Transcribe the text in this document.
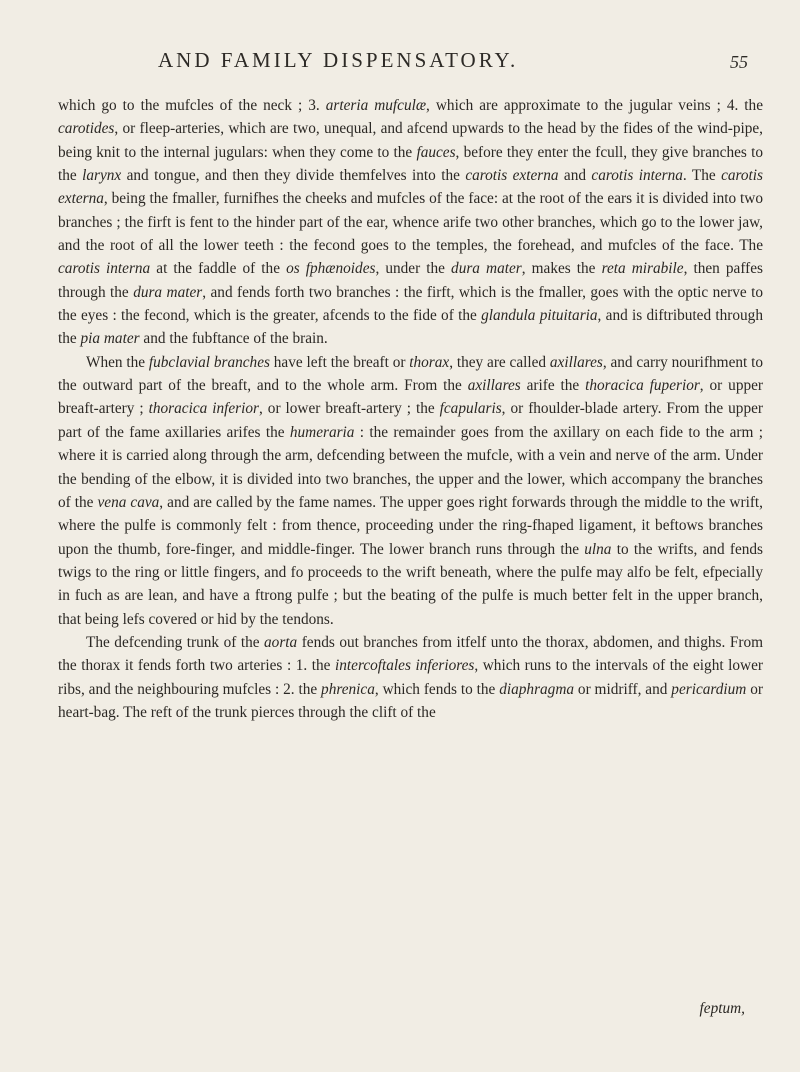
AND FAMILY DISPENSATORY.	55

which go to the mufcles of the neck ; 3. arteria mufculæ, which are approximate to the jugular veins ; 4. the carotides, or fleep-arteries, which are two, unequal, and afcend upwards to the head by the fides of the wind-pipe, being knit to the internal jugulars: when they come to the fauces, before they enter the fcull, they give branches to the larynx and tongue, and then they divide themfelves into the carotis externa and carotis interna. The carotis externa, being the fmaller, furnifhes the cheeks and mufcles of the face: at the root of the ears it is divided into two branches ; the firft is fent to the hinder part of the ear, whence arife two other branches, which go to the lower jaw, and the root of all the lower teeth : the fecond goes to the temples, the forehead, and mufcles of the face. The carotis interna at the faddle of the os fphænoides, under the dura mater, makes the reta mirabile, then paffes through the dura mater, and fends forth two branches : the firft, which is the fmaller, goes with the optic nerve to the eyes : the fecond, which is the greater, afcends to the fide of the glandula pituitaria, and is diftributed through the pia mater and the fubftance of the brain.

When the fubclavial branches have left the breaft or thorax, they are called axillares, and carry nourifhment to the outward part of the breaft, and to the whole arm. From the axillares arife the thoracica fuperior, or upper breaft-artery ; thoracica inferior, or lower breaft-artery ; the fcapularis, or fhoulder-blade artery. From the upper part of the fame axillaries arifes the humeraria : the remainder goes from the axillary on each fide to the arm ; where it is carried along through the arm, defcending between the mufcle, with a vein and nerve of the arm. Under the bending of the elbow, it is divided into two branches, the upper and the lower, which accompany the branches of the vena cava, and are called by the fame names. The upper goes right forwards through the middle to the wrift, where the pulfe is commonly felt : from thence, proceeding under the ring-fhaped ligament, it beftows branches upon the thumb, fore-finger, and middle-finger. The lower branch runs through the ulna to the wrifts, and fends twigs to the ring or little fingers, and fo proceeds to the wrift beneath, where the pulfe may alfo be felt, efpecially in fuch as are lean, and have a ftrong pulfe ; but the beating of the pulfe is much better felt in the upper branch, that being lefs covered or hid by the tendons.

The defcending trunk of the aorta fends out branches from itfelf unto the thorax, abdomen, and thighs. From the thorax it fends forth two arteries : 1. the intercoftales inferiores, which runs to the intervals of the eight lower ribs, and the neighbouring mufcles : 2. the phrenica, which fends to the diaphragma or midriff, and pericardium or heart-bag. The reft of the trunk pierces through the clift of the

feptum,
